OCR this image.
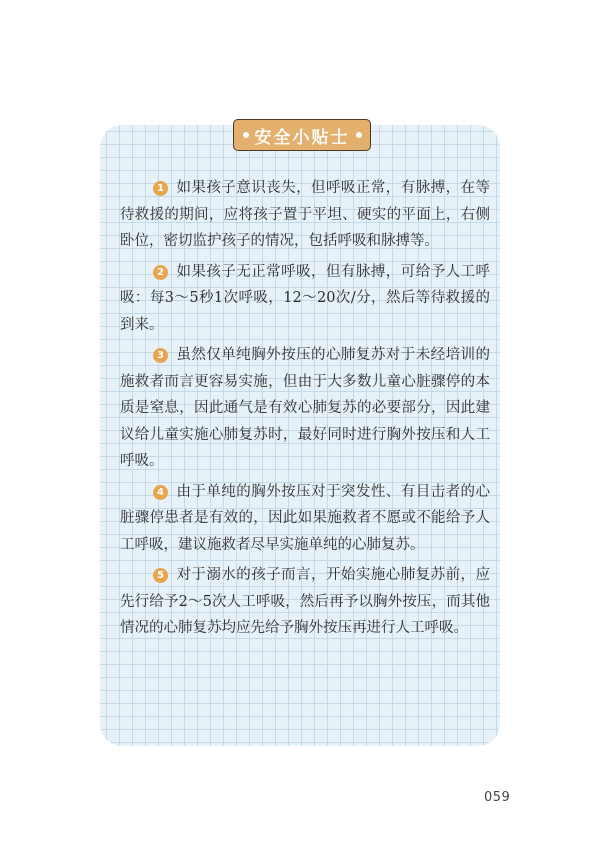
安全小贴士

1 如果孩子意识丧失，但呼吸正常，有脉搏，在等待救援的期间，应将孩子置于平坦、硬实的平面上，右侧卧位，密切监护孩子的情况，包括呼吸和脉搏等。

2 如果孩子无正常呼吸，但有脉搏，可给予人工呼吸：每3～5秒1次呼吸，12～20次/分，然后等待救援的到来。

3 虽然仅单纯胸外按压的心肺复苏对于未经培训的施救者而言更容易实施，但由于大多数儿童心脏骤停的本质是窒息，因此通气是有效心肺复苏的必要部分，因此建议给儿童实施心肺复苏时，最好同时进行胸外按压和人工呼吸。

4 由于单纯的胸外按压对于突发性、有目击者的心脏骤停患者是有效的，因此如果施救者不愿或不能给予人工呼吸，建议施救者尽早实施单纯的心肺复苏。

5 对于溺水的孩子而言，开始实施心肺复苏前，应先行给予2～5次人工呼吸，然后再予以胸外按压，而其他情况的心肺复苏均应先给予胸外按压再进行人工呼吸。

059
